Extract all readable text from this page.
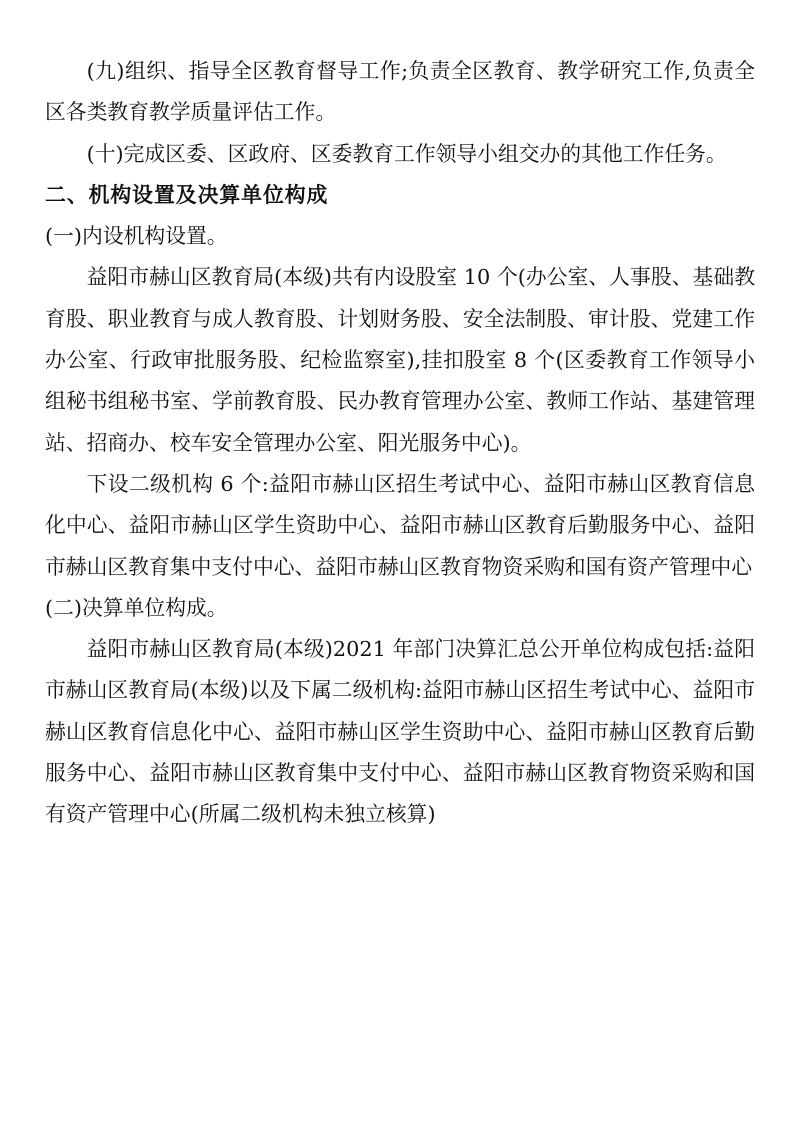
(九)组织、指导全区教育督导工作;负责全区教育、教学研究工作,负责全区各类教育教学质量评估工作。

(十)完成区委、区政府、区委教育工作领导小组交办的其他工作任务。

二、机构设置及决算单位构成

(一)内设机构设置。

益阳市赫山区教育局(本级)共有内设股室 10 个(办公室、人事股、基础教育股、职业教育与成人教育股、计划财务股、安全法制股、审计股、党建工作办公室、行政审批服务股、纪检监察室),挂扣股室 8 个(区委教育工作领导小组秘书组秘书室、学前教育股、民办教育管理办公室、教师工作站、基建管理站、招商办、校车安全管理办公室、阳光服务中心)。

下设二级机构 6 个:益阳市赫山区招生考试中心、益阳市赫山区教育信息化中心、益阳市赫山区学生资助中心、益阳市赫山区教育后勤服务中心、益阳市赫山区教育集中支付中心、益阳市赫山区教育物资采购和国有资产管理中心

(二)决算单位构成。

益阳市赫山区教育局(本级)2021 年部门决算汇总公开单位构成包括:益阳市赫山区教育局(本级)以及下属二级机构:益阳市赫山区招生考试中心、益阳市赫山区教育信息化中心、益阳市赫山区学生资助中心、益阳市赫山区教育后勤服务中心、益阳市赫山区教育集中支付中心、益阳市赫山区教育物资采购和国有资产管理中心(所属二级机构未独立核算)
